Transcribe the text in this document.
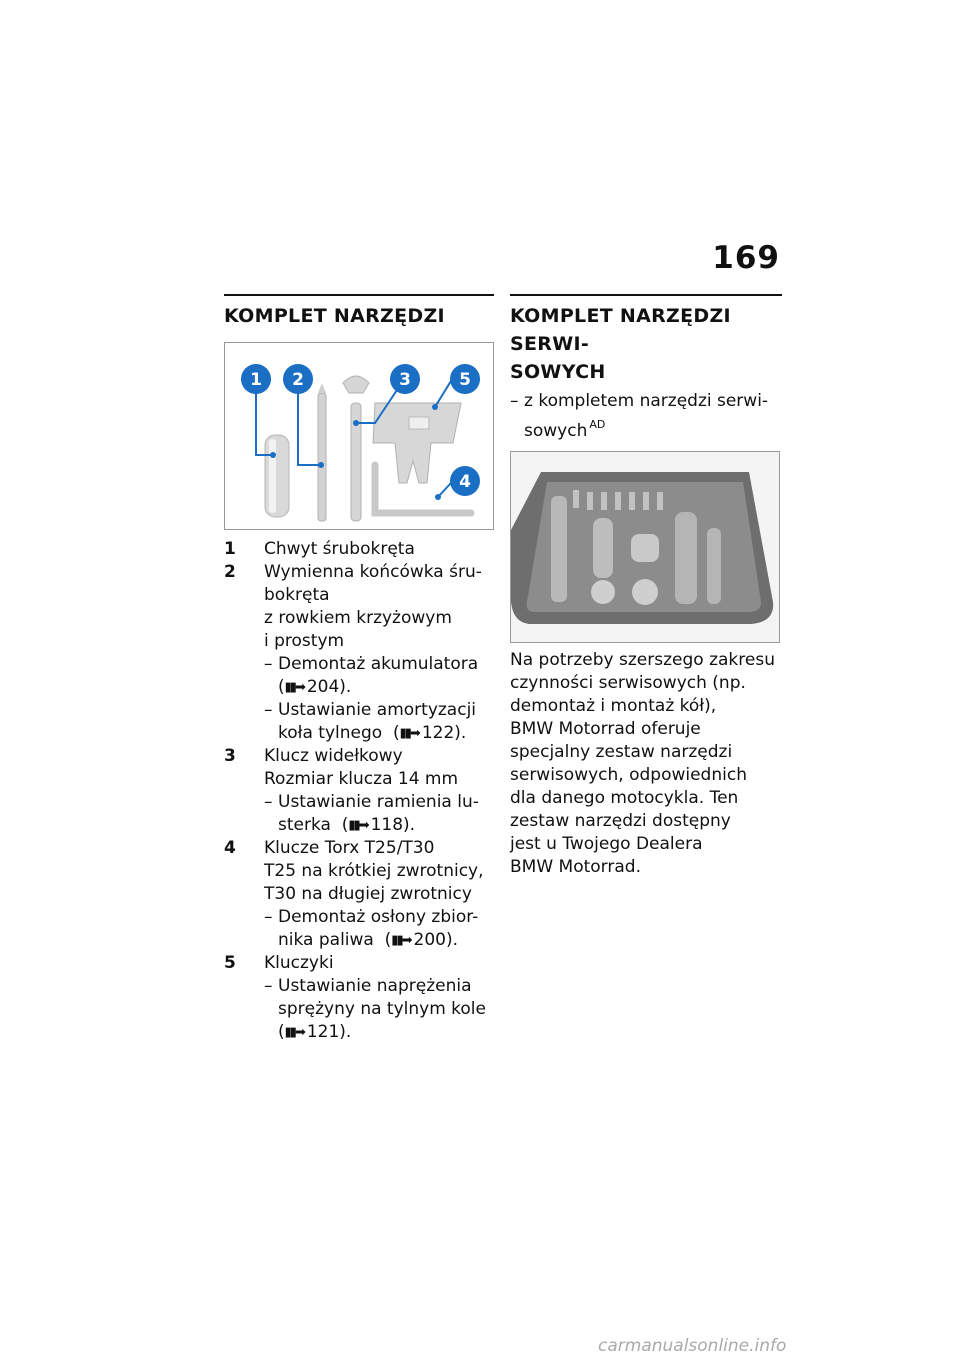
169
KOMPLET NARZĘDZI
1 2	3	5
4
1	Chwyt śrubokręta
2	Wymienna końcówka śru-
bokręta
z rowkiem krzyżowym
i prostym
– Demontaż akumulatora
(▮▮➡ 204).
– Ustawianie amortyzacji
koła tylnego  (▮▮➡ 122).
3	Klucz widełkowy
Rozmiar klucza 14 mm
– Ustawianie ramienia lu-
sterka  (▮▮➡ 118).
4	Klucze Torx T25/T30
T25 na krótkiej zwrotnicy,
T30 na długiej zwrotnicy
– Demontaż osłony zbior-
nika paliwa  (▮▮➡ 200).
5	Kluczyki
– Ustawianie naprężenia
sprężyny na tylnym kole
(▮▮➡ 121).
KOMPLET NARZĘDZI SERWI-
SOWYCH
– z kompletem narzędzi serwi-
sowych $^{AD}$
Na potrzeby szerszego zakresu
czynności serwisowych (np.
demontaż i montaż kół),
BMW Motorrad oferuje
specjalny zestaw narzędzi
serwisowych, odpowiednich
dla danego motocykla. Ten
zestaw narzędzi dostępny
jest u Twojego Dealera
BMW Motorrad.
carmanualsonline.info
